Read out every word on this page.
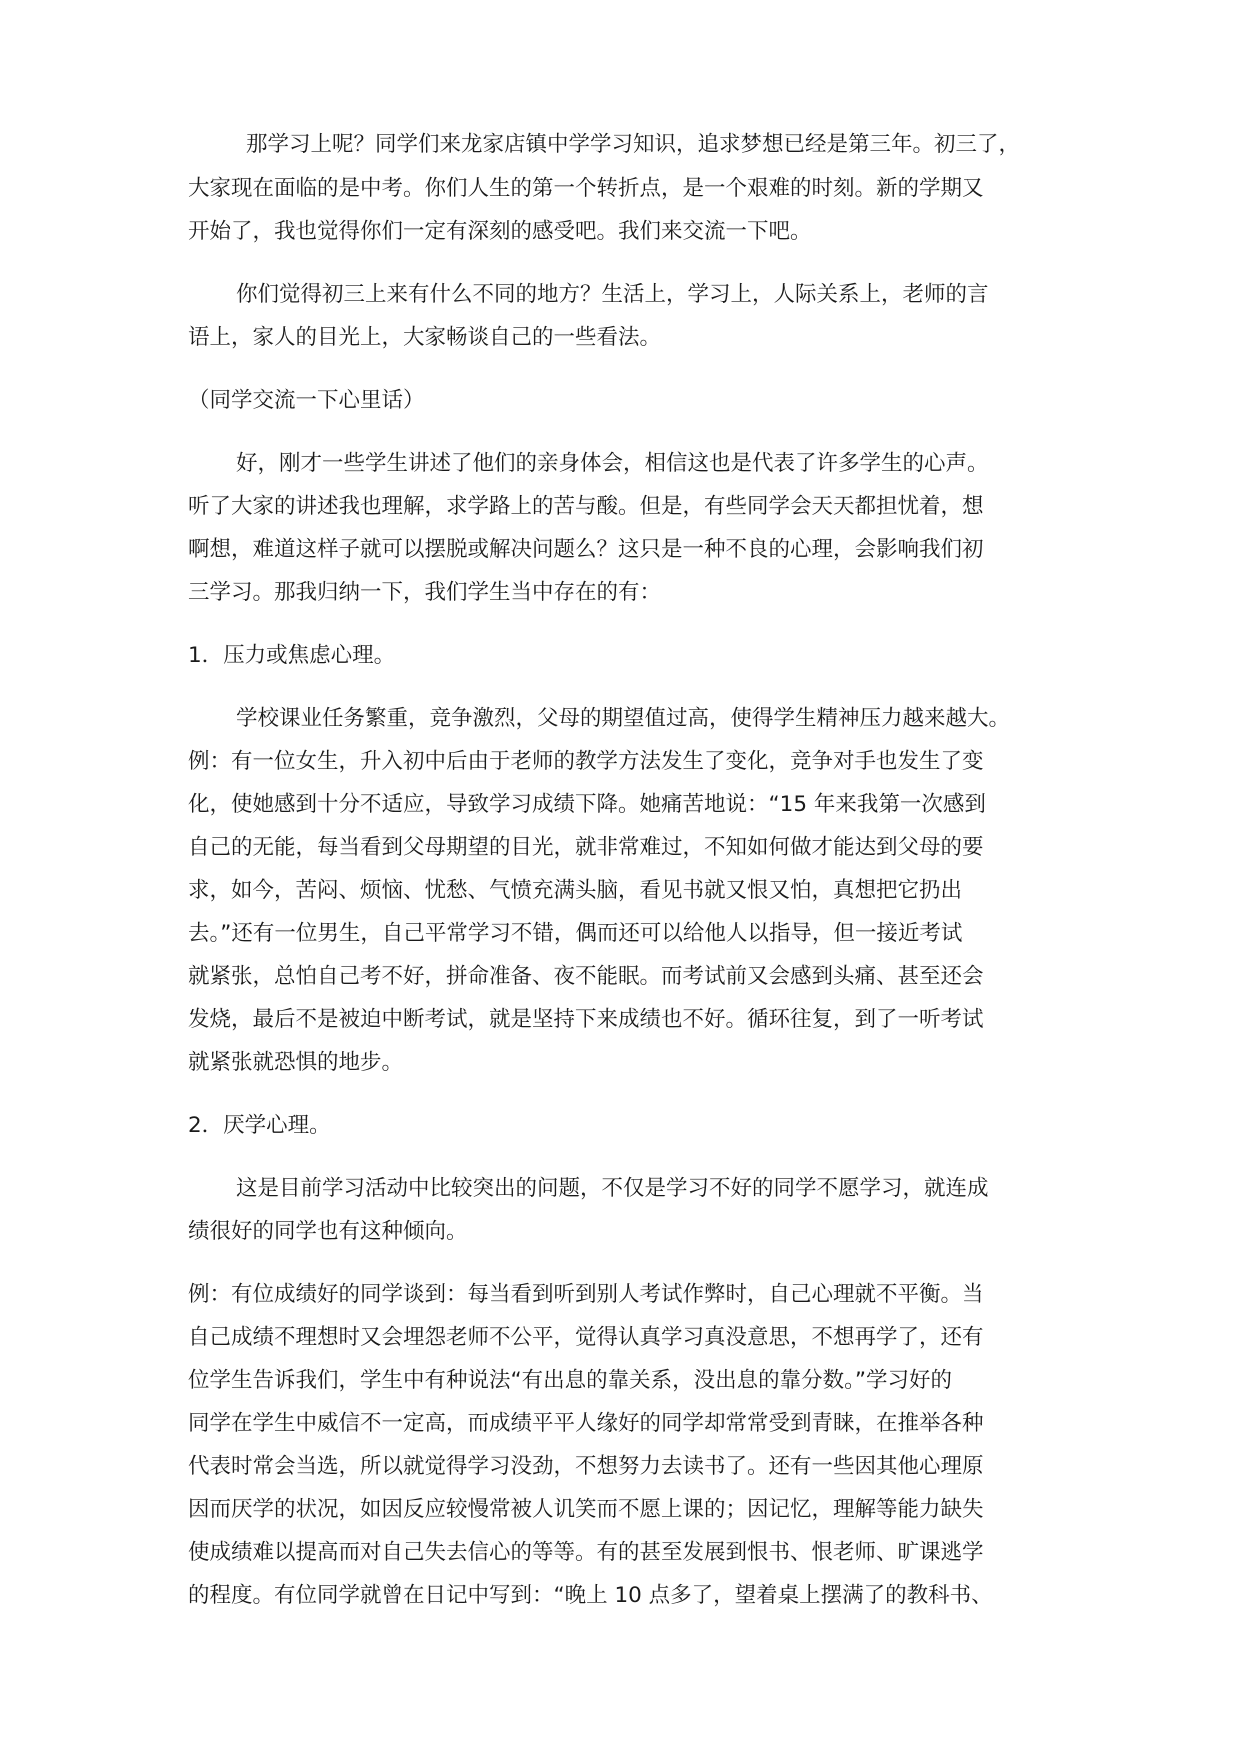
那学习上呢？同学们来龙家店镇中学学习知识，追求梦想已经是第三年。初三了，
大家现在面临的是中考。你们人生的第一个转折点，是一个艰难的时刻。新的学期又
开始了，我也觉得你们一定有深刻的感受吧。我们来交流一下吧。
你们觉得初三上来有什么不同的地方？生活上，学习上，人际关系上，老师的言
语上，家人的目光上，大家畅谈自己的一些看法。
（同学交流一下心里话）
好，刚才一些学生讲述了他们的亲身体会，相信这也是代表了许多学生的心声。
听了大家的讲述我也理解，求学路上的苦与酸。但是，有些同学会天天都担忧着，想
啊想，难道这样子就可以摆脱或解决问题么？这只是一种不良的心理，会影响我们初
三学习。那我归纳一下，我们学生当中存在的有：
1．压力或焦虑心理。
学校课业任务繁重，竞争激烈，父母的期望值过高，使得学生精神压力越来越大。
例：有一位女生，升入初中后由于老师的教学方法发生了变化，竞争对手也发生了变
化，使她感到十分不适应，导致学习成绩下降。她痛苦地说：“15 年来我第一次感到
自己的无能，每当看到父母期望的目光，就非常难过，不知如何做才能达到父母的要
求，如今，苦闷、烦恼、忧愁、气愤充满头脑，看见书就又恨又怕，真想把它扔出
去。”还有一位男生，自己平常学习不错，偶而还可以给他人以指导，但一接近考试
就紧张，总怕自己考不好，拼命准备、夜不能眠。而考试前又会感到头痛、甚至还会
发烧，最后不是被迫中断考试，就是坚持下来成绩也不好。循环往复，到了一听考试
就紧张就恐惧的地步。
2．厌学心理。
这是目前学习活动中比较突出的问题，不仅是学习不好的同学不愿学习，就连成
绩很好的同学也有这种倾向。
例：有位成绩好的同学谈到：每当看到听到别人考试作弊时，自己心理就不平衡。当
自己成绩不理想时又会埋怨老师不公平，觉得认真学习真没意思，不想再学了，还有
位学生告诉我们，学生中有种说法“有出息的靠关系，没出息的靠分数。”学习好的
同学在学生中威信不一定高，而成绩平平人缘好的同学却常常受到青睐，在推举各种
代表时常会当选，所以就觉得学习没劲，不想努力去读书了。还有一些因其他心理原
因而厌学的状况，如因反应较慢常被人讥笑而不愿上课的；因记忆，理解等能力缺失
使成绩难以提高而对自己失去信心的等等。有的甚至发展到恨书、恨老师、旷课逃学
的程度。有位同学就曾在日记中写到：“晚上 10 点多了，望着桌上摆满了的教科书、
